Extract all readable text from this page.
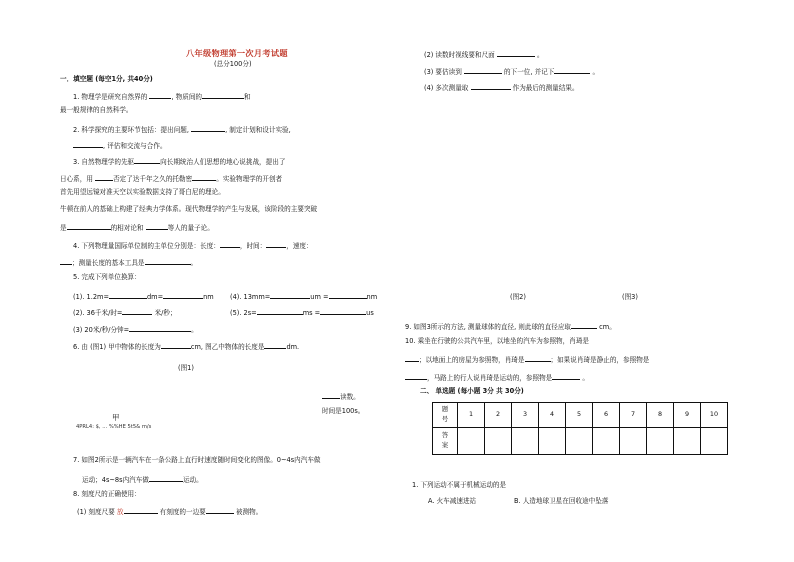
八年级物理第一次月考试题
(总分100分)
一．填空题 (每空1分, 共40分)
1. 物理学是研究自然界的	, 物质间的	和
最一般规律的自然科学。
2. 科学探究的主要环节包括：提出问题,	, 制定计划和设计实验,
, 评估和交流与合作。
3. 自然物理学的先驱	向长期统治人们思想的地心说挑战，提出了
日心系，用	否定了达千年之久的托勒密	。实验物理学的开创者
首先用望远镜对准天空以实验数据支持了哥白尼的理论。
牛顿在前人的基础上构建了经典力学体系。现代物理学的产生与发展，该阶段的主要突破
是	的相对论和	等人的量子论。
4. 下列物理量国际单位制的主单位分别是：长度：	，时间：	，速度：
；测量长度的基本工具是	。
5. 完成下列单位换算：
(1). 1.2m=	dm=	nm (4). 13mm=	um =	nm
(2). 36千米/时=	米/秒；	(5). 2s=	ms =	us
(3) 20米/秒/分钟=	。
6. 由 (图1) 甲中物体的长度为	cm, 图乙中物体的长度是	dm.
(图1)
读数。
时间是100s。
甲
4PRL4: $, ... %%HE 5t5& m/s
7. 如图2所示是一辆汽车在一条公路上直行时速度随时间变化的图像。0~4s内汽车做
运动；4s~8s内汽车做	运动。
8. 刻度尺的正确使用：
(1) 刻度尺要 放	有刻度的一边要	被测物。
(2) 读数时视线要和尺面	。
(3) 要估读到	的下一位, 并记下	。
(4) 多次测量取	作为最后的测量结果。
(图2)	(图3)
9. 如图3所示的方法, 测量球体的直径, 则此球的直径应取	cm。
10. 乘坐在行驶的公共汽车里，以地坐的汽车为参照物，肖琦是
；以地面上的房屋为参照物，肖琦是	；如果说肖琦是静止的，参照物是
，马路上的行人说肖琦是运动的，参照物是	。
二、 单选题 (每小题 3分 共 30分)
题
号	1	2	3	4	5	6	7	8	9	10
答
案										
1. 下列运动不属于机械运动的是
A. 火车减速进站	B. 人造地球卫星在回收途中坠落
